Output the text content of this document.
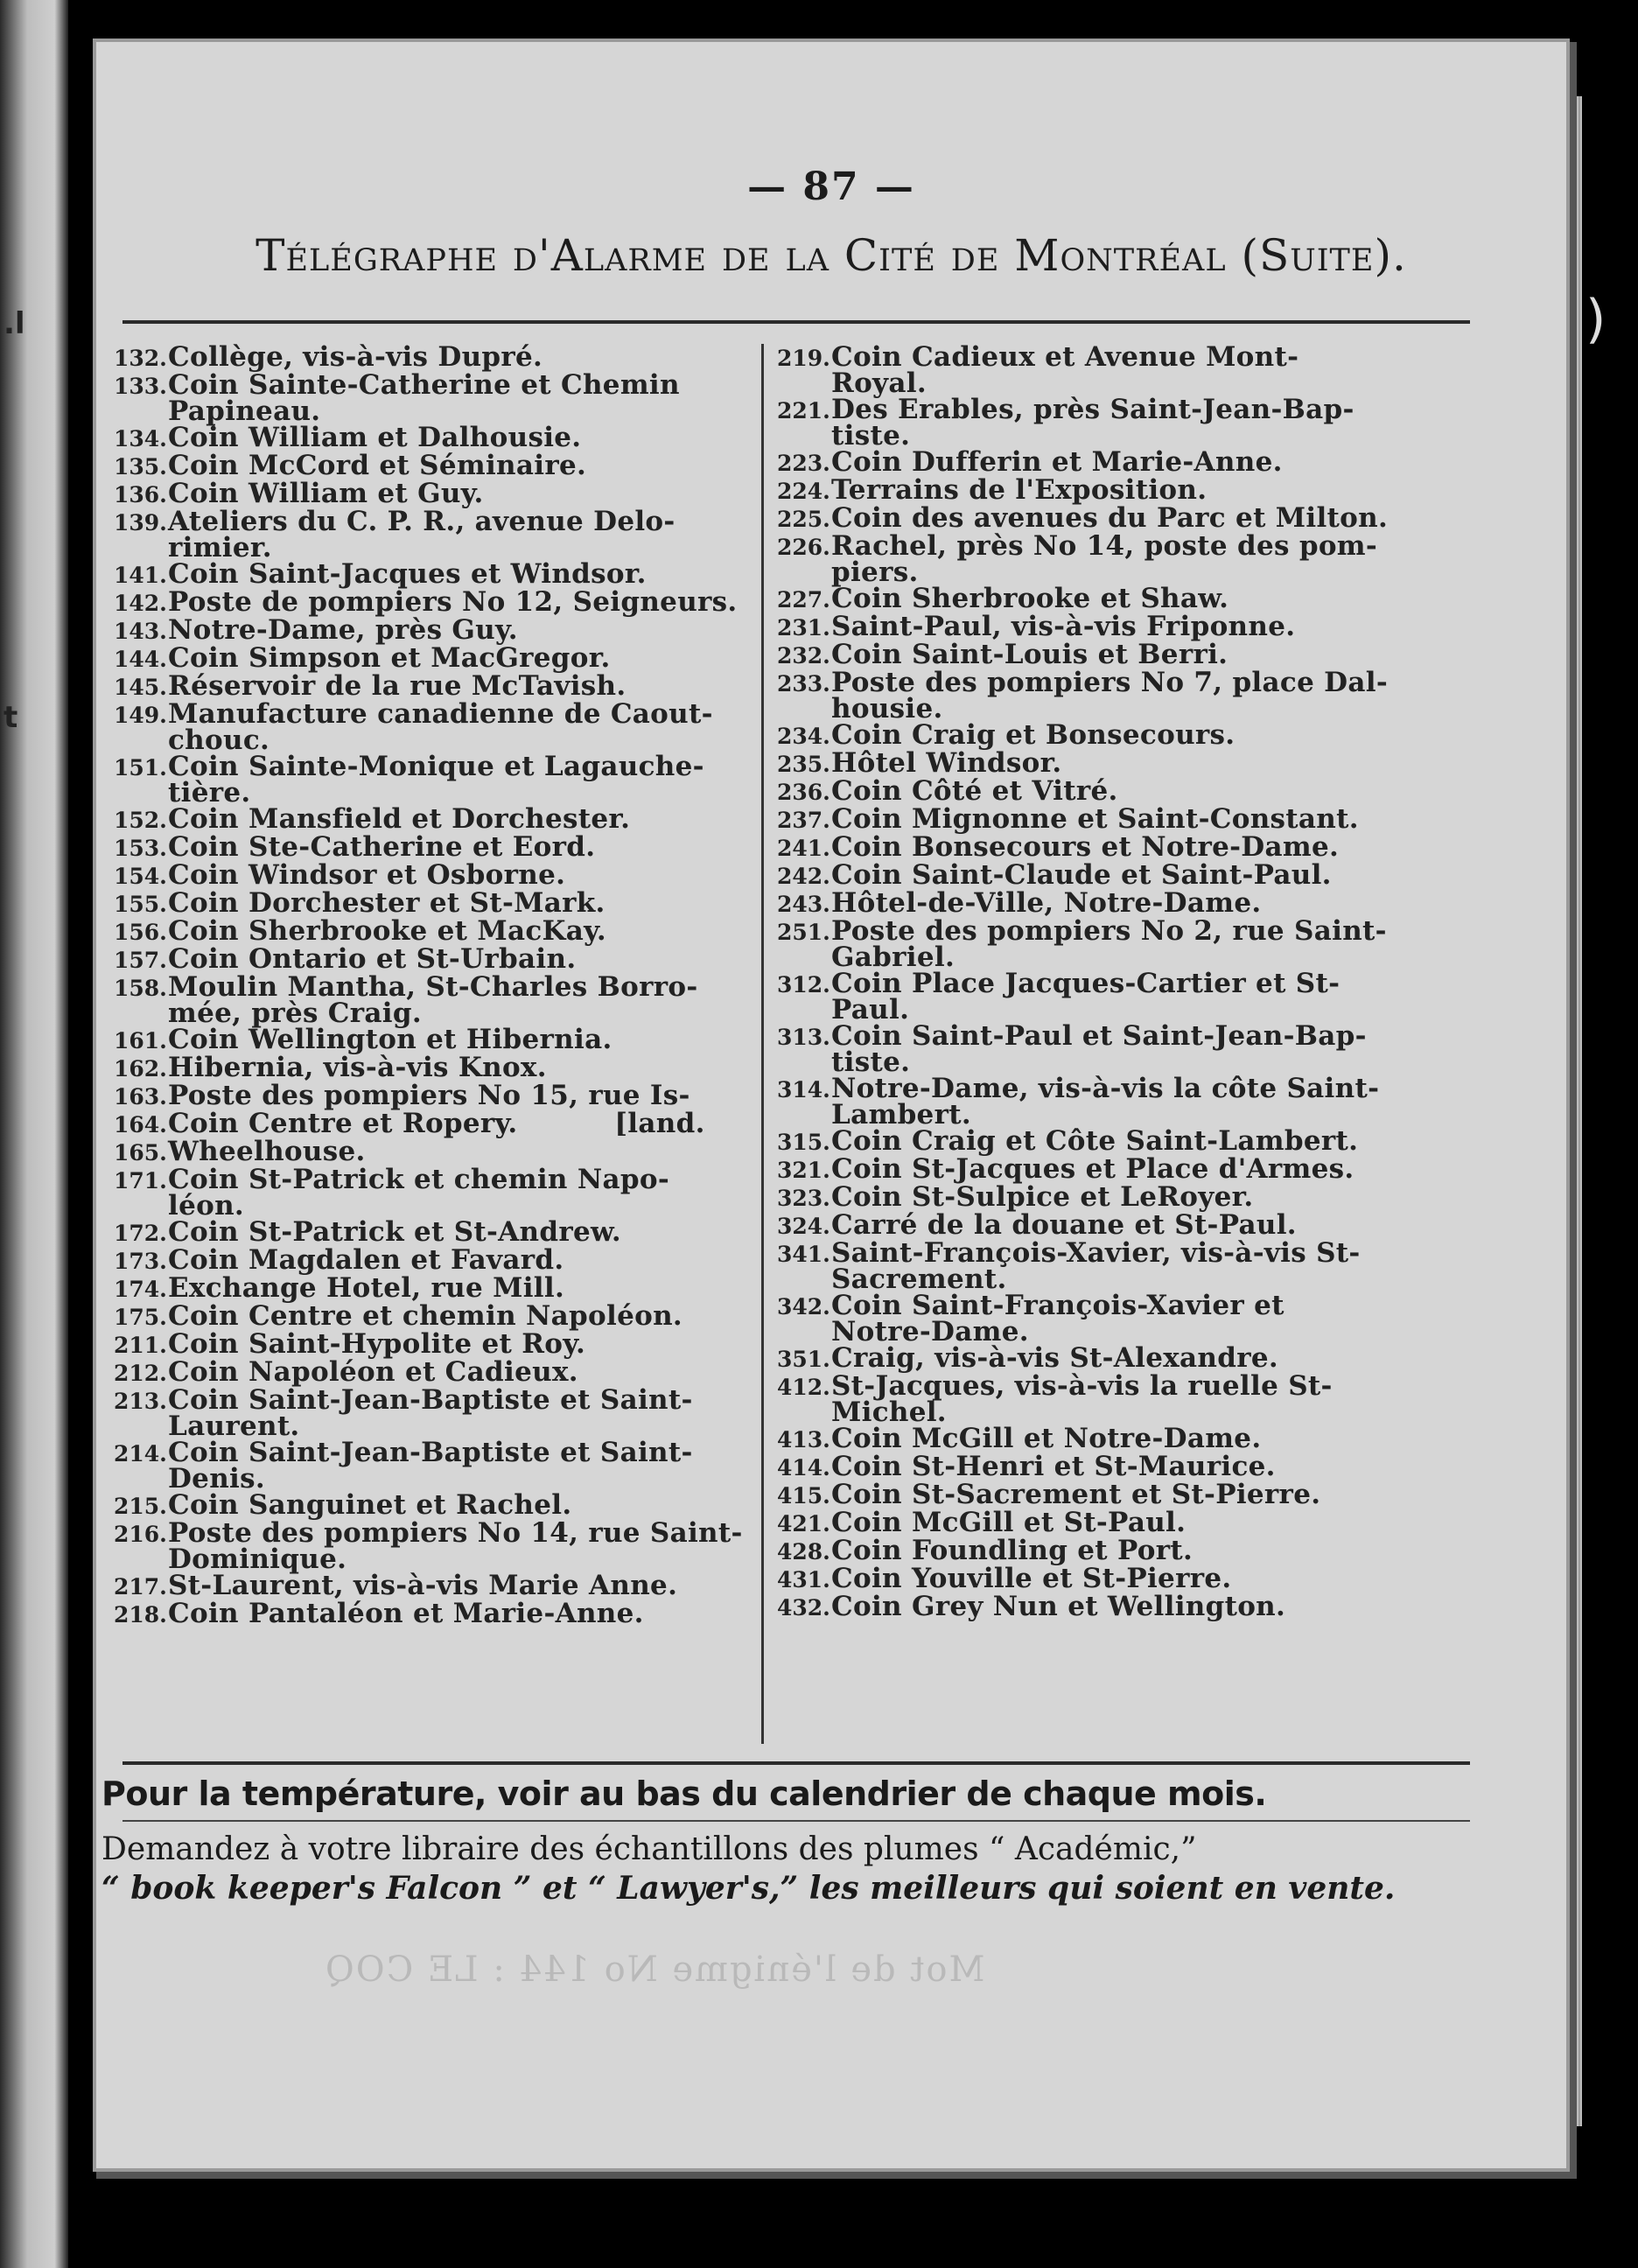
.l
t
)
— 87 —
Télégraphe d'Alarme de la Cité de Montréal (Suite).
132. Collège, vis-à-vis Dupré.
133. Coin Sainte-Catherine et Chemin
Papineau.
134. Coin William et Dalhousie.
135. Coin McCord et Séminaire.
136. Coin William et Guy.
139. Ateliers du C. P. R., avenue Delo-
rimier.
141. Coin Saint-Jacques et Windsor.
142. Poste de pompiers No 12, Seigneurs.
143. Notre-Dame, près Guy.
144. Coin Simpson et MacGregor.
145. Réservoir de la rue McTavish.
149. Manufacture canadienne de Caout-
chouc.
151. Coin Sainte-Monique et Lagauche-
tière.
152. Coin Mansfield et Dorchester.
153. Coin Ste-Catherine et Eord.
154. Coin Windsor et Osborne.
155. Coin Dorchester et St-Mark.
156. Coin Sherbrooke et MacKay.
157. Coin Ontario et St-Urbain.
158. Moulin Mantha, St-Charles Borro-
mée, près Craig.
161. Coin Wellington et Hibernia.
162. Hibernia, vis-à-vis Knox.
163. Poste des pompiers No 15, rue Is-
164. Coin Centre et Ropery.          [land.
165. Wheelhouse.
171. Coin St-Patrick et chemin Napo-
léon.
172. Coin St-Patrick et St-Andrew.
173. Coin Magdalen et Favard.
174. Exchange Hotel, rue Mill.
175. Coin Centre et chemin Napoléon.
211. Coin Saint-Hypolite et Roy.
212. Coin Napoléon et Cadieux.
213. Coin Saint-Jean-Baptiste et Saint-
Laurent.
214. Coin Saint-Jean-Baptiste et Saint-
Denis.
215. Coin Sanguinet et Rachel.
216. Poste des pompiers No 14, rue Saint-
Dominique.
217. St-Laurent, vis-à-vis Marie Anne.
218. Coin Pantaléon et Marie-Anne.
219. Coin Cadieux et Avenue Mont-
Royal.
221. Des Erables, près Saint-Jean-Bap-
tiste.
223. Coin Dufferin et Marie-Anne.
224. Terrains de l'Exposition.
225. Coin des avenues du Parc et Milton.
226. Rachel, près No 14, poste des pom-
piers.
227. Coin Sherbrooke et Shaw.
231. Saint-Paul, vis-à-vis Friponne.
232. Coin Saint-Louis et Berri.
233. Poste des pompiers No 7, place Dal-
housie.
234. Coin Craig et Bonsecours.
235. Hôtel Windsor.
236. Coin Côté et Vitré.
237. Coin Mignonne et Saint-Constant.
241. Coin Bonsecours et Notre-Dame.
242. Coin Saint-Claude et Saint-Paul.
243. Hôtel-de-Ville, Notre-Dame.
251. Poste des pompiers No 2, rue Saint-
Gabriel.
312. Coin Place Jacques-Cartier et St-
Paul.
313. Coin Saint-Paul et Saint-Jean-Bap-
tiste.
314. Notre-Dame, vis-à-vis la côte Saint-
Lambert.
315. Coin Craig et Côte Saint-Lambert.
321. Coin St-Jacques et Place d'Armes.
323. Coin St-Sulpice et LeRoyer.
324. Carré de la douane et St-Paul.
341. Saint-François-Xavier, vis-à-vis St-
Sacrement.
342. Coin Saint-François-Xavier et
Notre-Dame.
351. Craig, vis-à-vis St-Alexandre.
412. St-Jacques, vis-à-vis la ruelle St-
Michel.
413. Coin McGill et Notre-Dame.
414. Coin St-Henri et St-Maurice.
415. Coin St-Sacrement et St-Pierre.
421. Coin McGill et St-Paul.
428. Coin Foundling et Port.
431. Coin Youville et St-Pierre.
432. Coin Grey Nun et Wellington.
Pour la température, voir au bas du calendrier de chaque mois.
Demandez à votre libraire des échantillons des plumes “ Académic,”
“ book keeper's Falcon ” et “ Lawyer's,” les meilleurs qui soient en vente.
Mot de l'énigme No 144 : LE COQ
